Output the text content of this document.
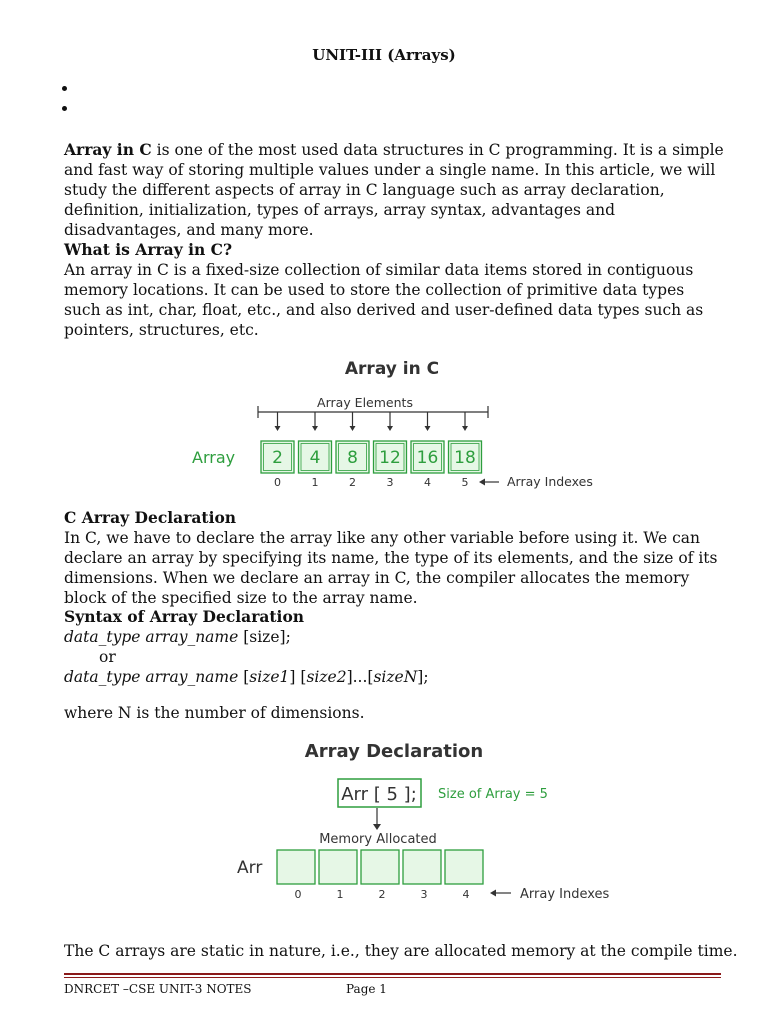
UNIT-III (Arrays)
Array in C is one of the most used data structures in C programming. It is a simple and fast way of storing multiple values under a single name. In this article, we will study the different aspects of array in C language such as array declaration, definition, initialization, types of arrays, array syntax, advantages and disadvantages, and many more.
What is Array in C?
An array in C is a fixed-size collection of similar data items stored in contiguous memory locations. It can be used to store the collection of primitive data types such as int, char, float, etc., and also derived and user-defined data types such as pointers, structures, etc.
Array in C
Array Elements
Array 2 4 8 12 16 18
0	1	2	3	4	5	Array Indexes
C Array Declaration
In C, we have to declare the array like any other variable before using it. We can declare an array by specifying its name, the type of its elements, and the size of its dimensions. When we declare an array in C, the compiler allocates the memory block of the specified size to the array name.
Syntax of Array Declaration
data_type array_name [size];
or
data_type array_name [size1] [size2]...[sizeN];
where N is the number of dimensions.
Array Declaration
Arr [ 5 ]; Size of Array = 5
Memory Allocated
Arr
0	1	2	3	4	Array Indexes
The C arrays are static in nature, i.e., they are allocated memory at the compile time.
DNRCET –CSE UNIT-3 NOTES	Page 1
